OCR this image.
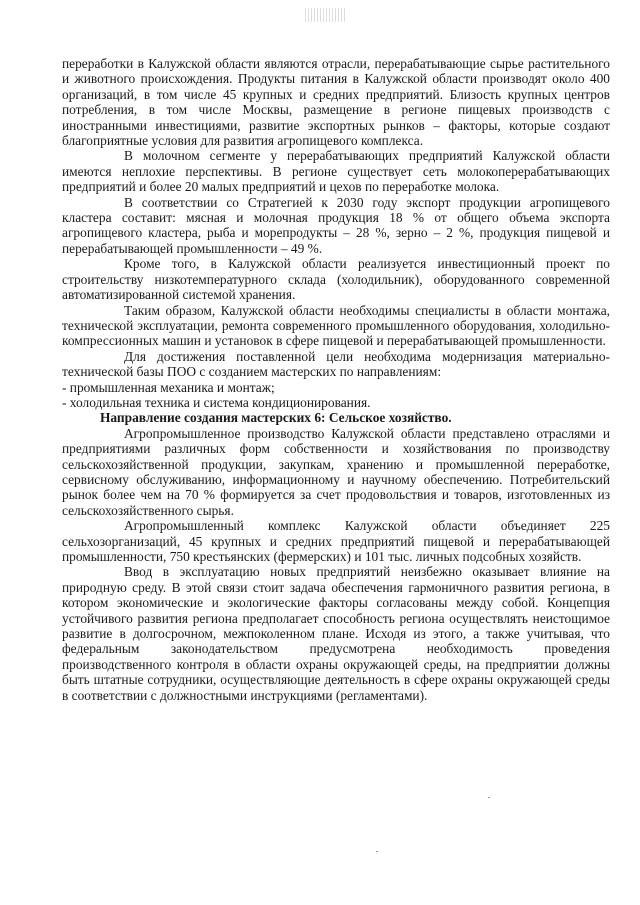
переработки в Калужской области являются отрасли, перерабатывающие сырье растительного и животного происхождения. Продукты питания в Калужской области производят около 400 организаций, в том числе 45 крупных и средних предприятий. Близость крупных центров потребления, в том числе Москвы, размещение в регионе пищевых производств с иностранными инвестициями, развитие экспортных рынков – факторы, которые создают благоприятные условия для развития агропищевого комплекса.

В молочном сегменте у перерабатывающих предприятий Калужской области имеются неплохие перспективы. В регионе существует сеть молокоперерабатывающих предприятий и более 20 малых предприятий и цехов по переработке молока.

В соответствии со Стратегией к 2030 году экспорт продукции агропищевого кластера составит: мясная и молочная продукция 18 % от общего объема экспорта агропищевого кластера, рыба и морепродукты – 28 %, зерно – 2 %, продукция пищевой и перерабатывающей промышленности – 49 %.

Кроме того, в Калужской области реализуется инвестиционный проект по строительству низкотемпературного склада (холодильник), оборудованного современной автоматизированной системой хранения.

Таким образом, Калужской области необходимы специалисты в области монтажа, технической эксплуатации, ремонта современного промышленного оборудования, холодильно-компрессионных машин и установок в сфере пищевой и перерабатывающей промышленности.

Для достижения поставленной цели необходима модернизация материально-технической базы ПОО с созданием мастерских по направлениям:

- промышленная механика и монтаж;

- холодильная техника и система кондиционирования.

Направление создания мастерских 6: Сельское хозяйство.

Агропромышленное производство Калужской области представлено отраслями и предприятиями различных форм собственности и хозяйствования по производству сельскохозяйственной продукции, закупкам, хранению и промышленной переработке, сервисному обслуживанию, информационному и научному обеспечению. Потребительский рынок более чем на 70 % формируется за счет продовольствия и товаров, изготовленных из сельскохозяйственного сырья.

Агропромышленный комплекс Калужской области объединяет 225 сельхозорганизаций, 45 крупных и средних предприятий пищевой и перерабатывающей промышленности, 750 крестьянских (фермерских) и 101 тыс. личных подсобных хозяйств.

Ввод в эксплуатацию новых предприятий неизбежно оказывает влияние на природную среду. В этой связи стоит задача обеспечения гармоничного развития региона, в котором экономические и экологические факторы согласованы между собой. Концепция устойчивого развития региона предполагает способность региона осуществлять неистощимое развитие в долгосрочном, межпоколенном плане. Исходя из этого, а также учитывая, что федеральным законодательством предусмотрена необходимость проведения производственного контроля в области охраны окружающей среды, на предприятии должны быть штатные сотрудники, осуществляющие деятельность в сфере охраны окружающей среды в соответствии с должностными инструкциями (регламентами).
